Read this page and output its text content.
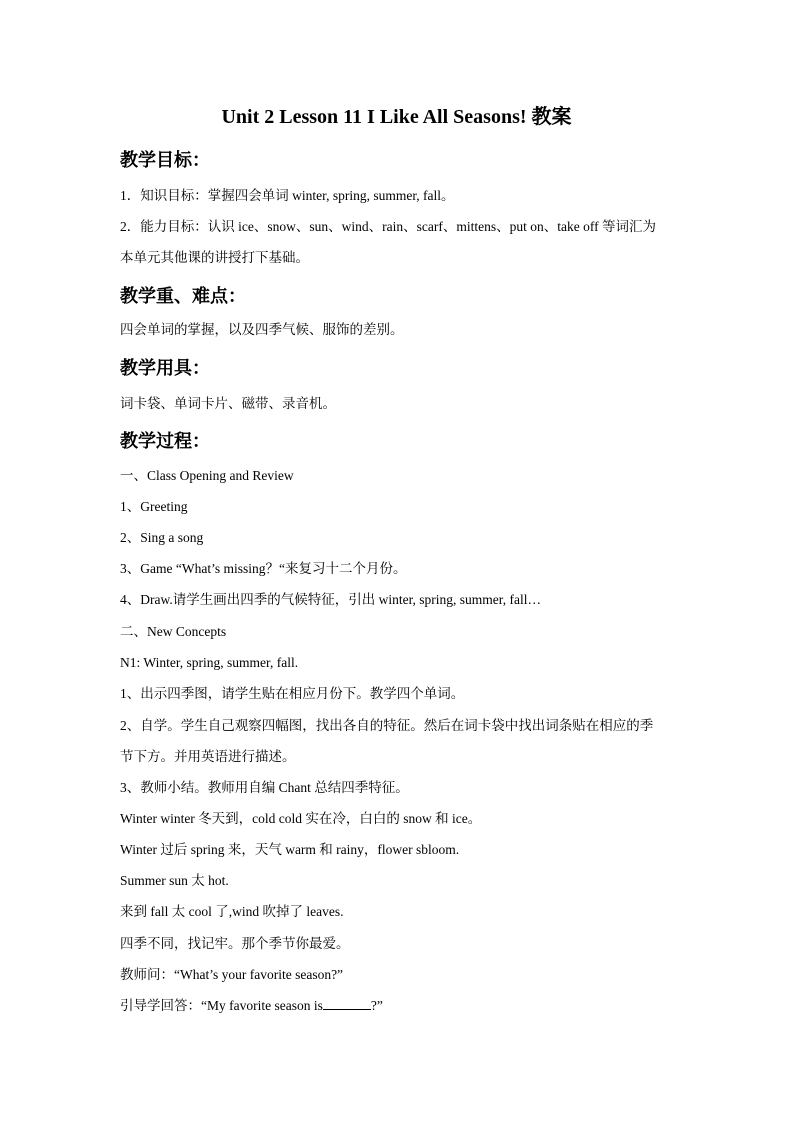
Unit 2 Lesson 11 I Like All Seasons! 教案
教学目标：
1．知识目标：掌握四会单词 winter, spring, summer, fall。
2．能力目标：认识 ice、snow、sun、wind、rain、scarf、mittens、put on、take off 等词汇为
本单元其他课的讲授打下基础。
教学重、难点：
四会单词的掌握，以及四季气候、服饰的差别。
教学用具：
词卡袋、单词卡片、磁带、录音机。
教学过程：
一、Class Opening and Review
1、Greeting
2、Sing a song
3、Game “What’s missing？“来复习十二个月份。
4、Draw.请学生画出四季的气候特征，引出 winter, spring, summer, fall…
二、New Concepts
N1: Winter, spring, summer, fall.
1、出示四季图，请学生贴在相应月份下。教学四个单词。
2、自学。学生自己观察四幅图，找出各自的特征。然后在词卡袋中找出词条贴在相应的季
节下方。并用英语进行描述。
3、教师小结。教师用自编 Chant 总结四季特征。
Winter winter 冬天到，cold cold 实在冷，白白的 snow 和 ice。
Winter 过后 spring 来，天气 warm 和 rainy，flower sbloom.
Summer sun 太 hot.
来到 fall 太 cool 了,wind 吹掉了 leaves.
四季不同，找记牢。那个季节你最爱。
教师问：“What’s your favorite season?”
引导学回答：“My favorite season is	?”
